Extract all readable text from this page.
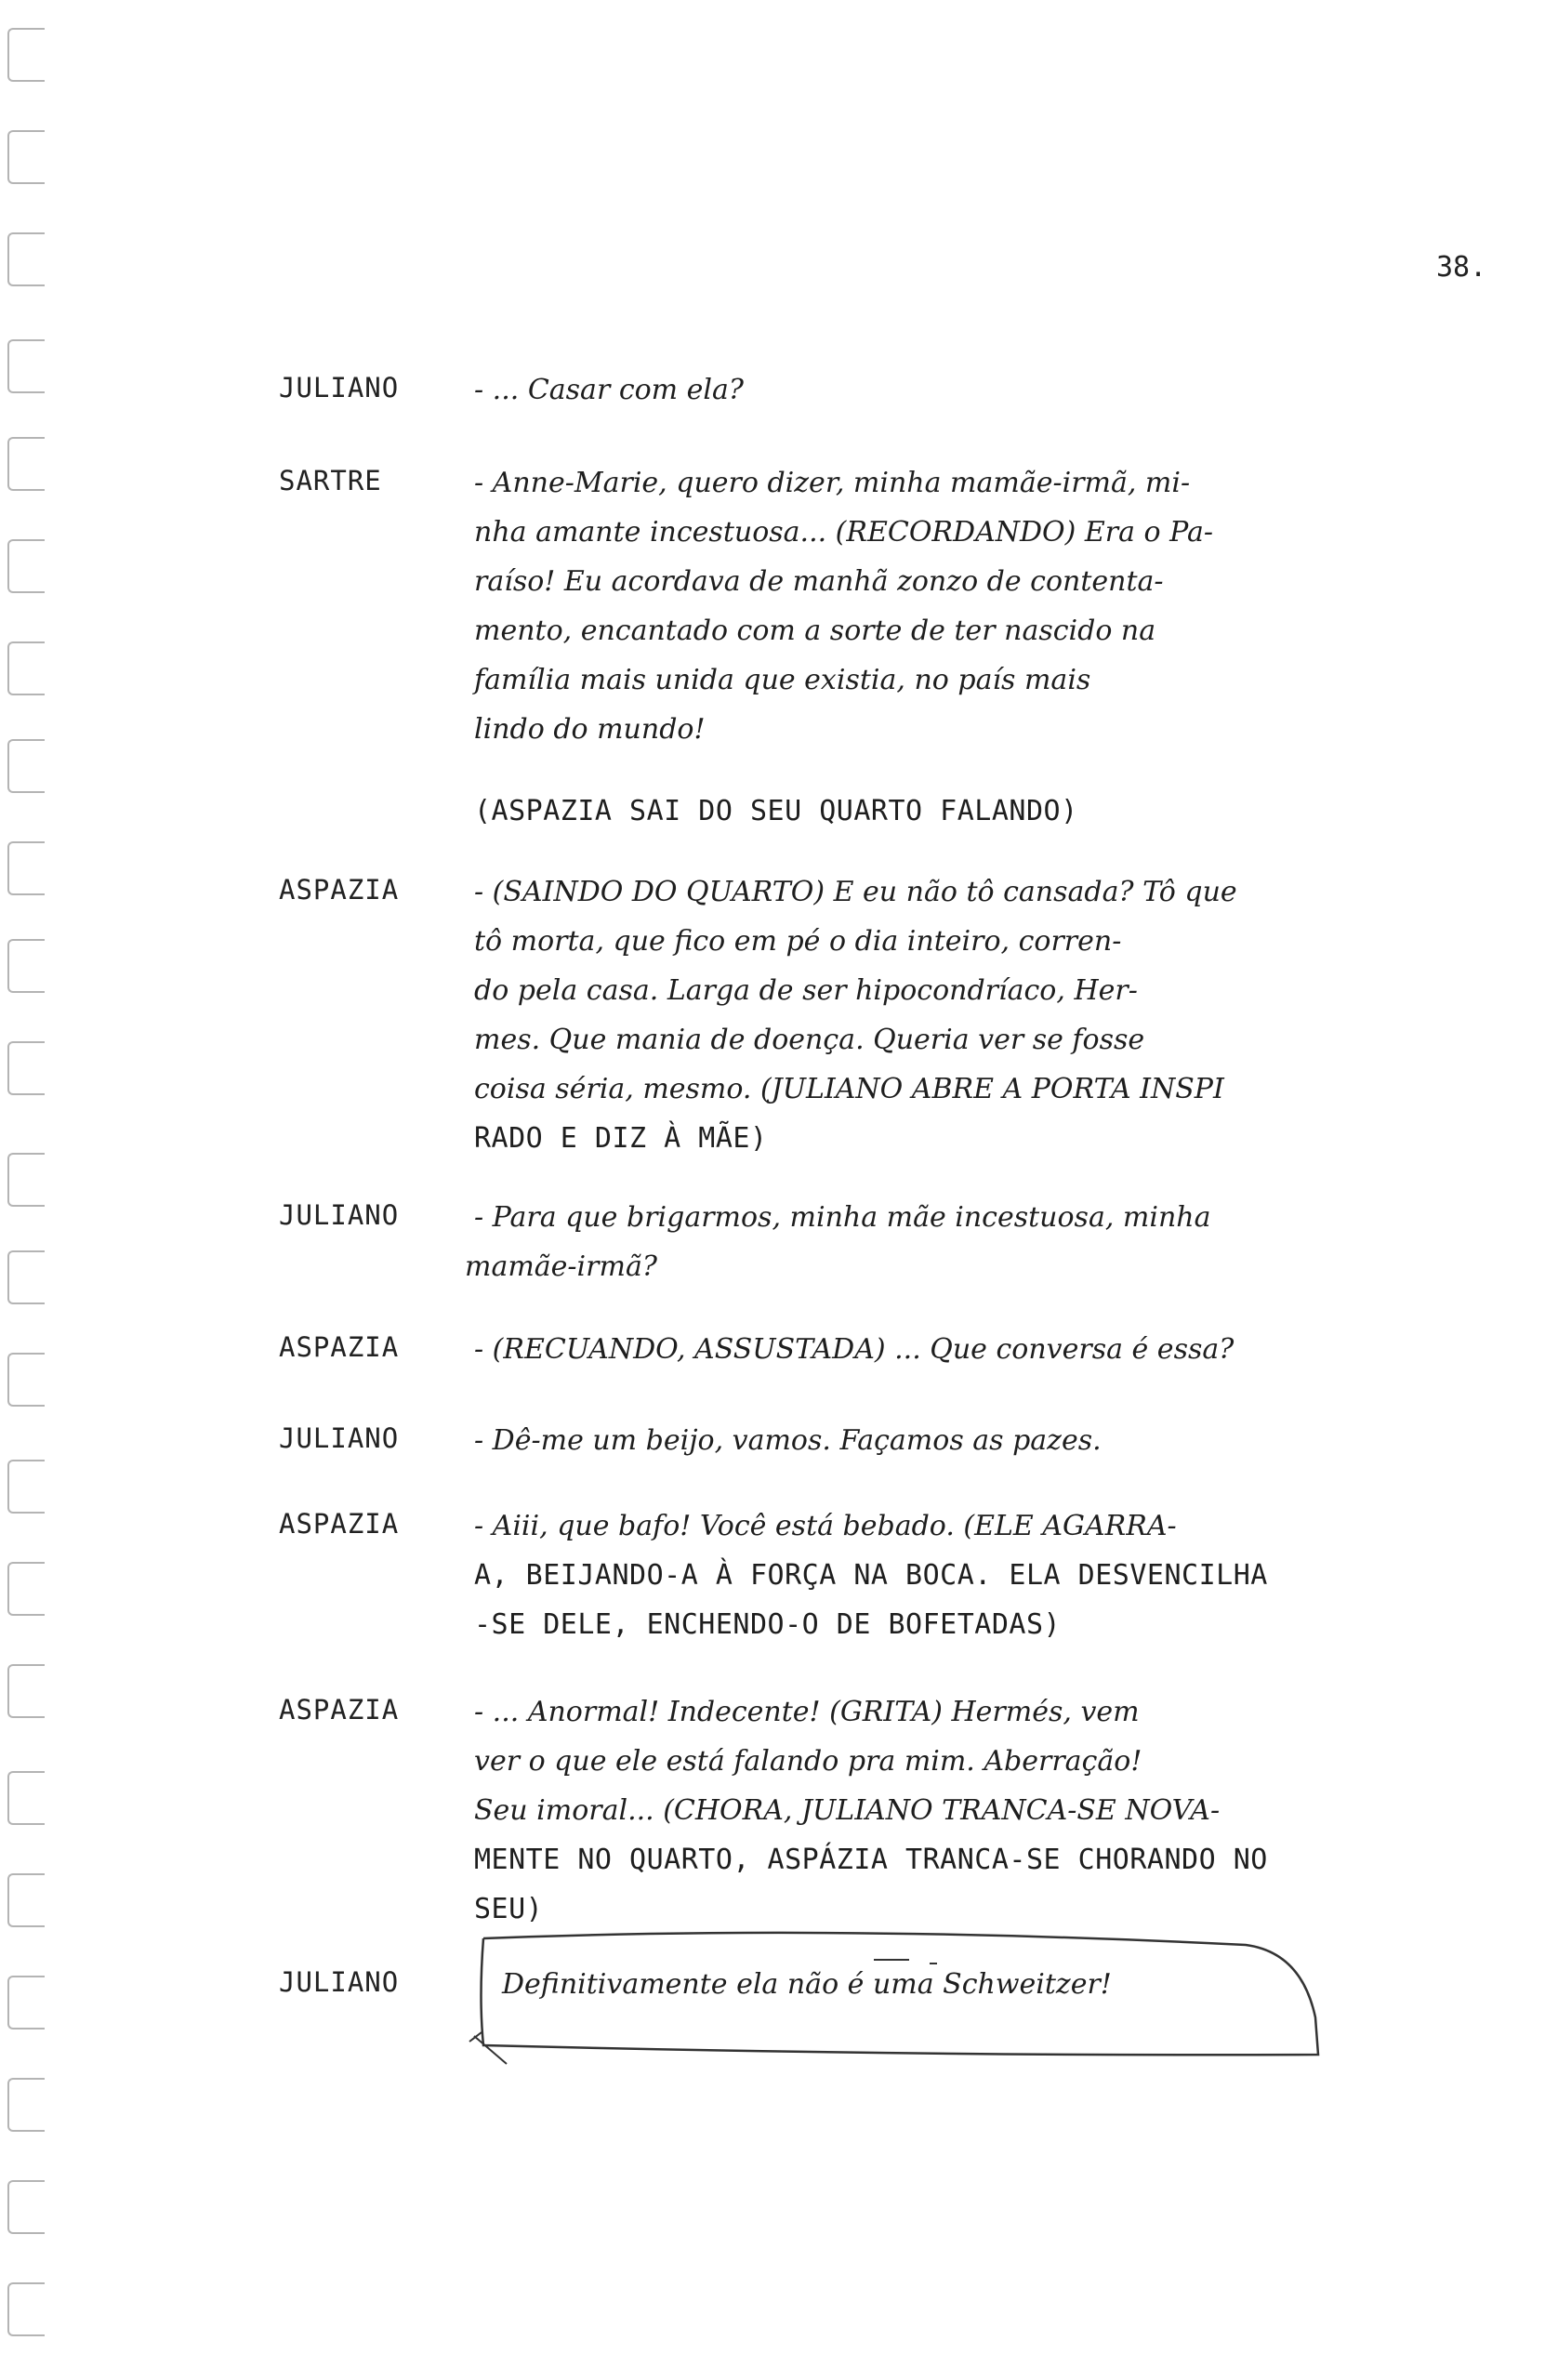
38.
JULIANO	- ... Casar com ela?
SARTRE	- Anne-Marie, quero dizer, minha mamãe-irmã, mi-
nha amante incestuosa... (RECORDANDO) Era o Pa-
raíso! Eu acordava de manhã zonzo de contenta-
mento, encantado com a sorte de ter nascido na
família mais unida que existia, no país mais
lindo do mundo!
(ASPAZIA SAI DO SEU QUARTO FALANDO)
ASPAZIA	- (SAINDO DO QUARTO) E eu não tô cansada? Tô que
tô morta, que fico em pé o dia inteiro, corren-
do pela casa. Larga de ser hipocondríaco, Her-
mes. Que mania de doença. Queria ver se fosse
coisa séria, mesmo. (JULIANO ABRE A PORTA INSPI
RADO E DIZ À MÃE)
JULIANO	- Para que brigarmos, minha mãe incestuosa, minha
mamãe-irmã?
ASPAZIA	- (RECUANDO, ASSUSTADA) ... Que conversa é essa?
JULIANO	- Dê-me um beijo, vamos. Façamos as pazes.
ASPAZIA	- Aiii, que bafo! Você está bebado. (ELE AGARRA-
A, BEIJANDO-A À FORÇA NA BOCA. ELA DESVENCILHA
-SE DELE, ENCHENDO-O DE BOFETADAS)
ASPAZIA	- ... Anormal! Indecente! (GRITA) Hermés, vem
ver o que ele está falando pra mim. Aberração!
Seu imoral... (CHORA, JULIANO TRANCA-SE NOVA-
MENTE NO QUARTO, ASPÁZIA TRANCA-SE CHORANDO NO
SEU)
JULIANO	Definitivamente ela não é uma Schweitzer!
